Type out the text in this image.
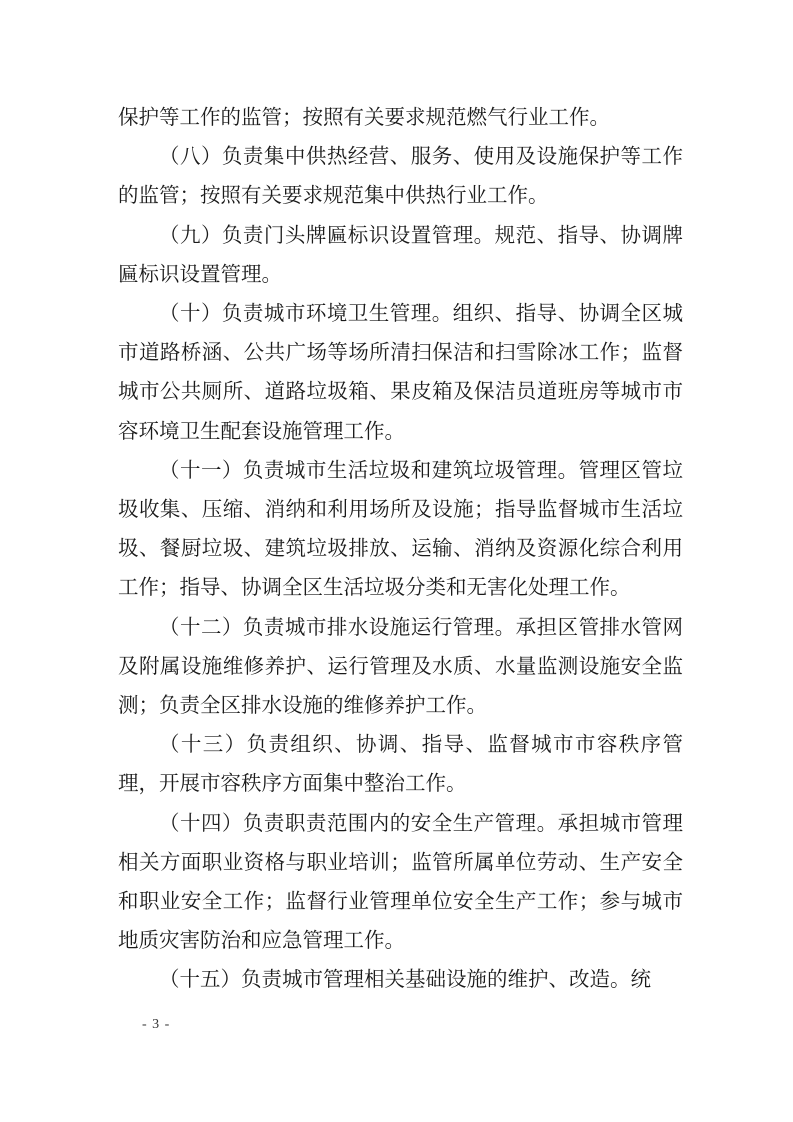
保护等工作的监管；按照有关要求规范燃气行业工作。

（八）负责集中供热经营、服务、使用及设施保护等工作的监管；按照有关要求规范集中供热行业工作。

（九）负责门头牌匾标识设置管理。规范、指导、协调牌匾标识设置管理。

（十）负责城市环境卫生管理。组织、指导、协调全区城市道路桥涵、公共广场等场所清扫保洁和扫雪除冰工作；监督城市公共厕所、道路垃圾箱、果皮箱及保洁员道班房等城市市容环境卫生配套设施管理工作。

（十一）负责城市生活垃圾和建筑垃圾管理。管理区管垃圾收集、压缩、消纳和利用场所及设施；指导监督城市生活垃圾、餐厨垃圾、建筑垃圾排放、运输、消纳及资源化综合利用工作；指导、协调全区生活垃圾分类和无害化处理工作。

（十二）负责城市排水设施运行管理。承担区管排水管网及附属设施维修养护、运行管理及水质、水量监测设施安全监测；负责全区排水设施的维修养护工作。

（十三）负责组织、协调、指导、监督城市市容秩序管理，开展市容秩序方面集中整治工作。

（十四）负责职责范围内的安全生产管理。承担城市管理相关方面职业资格与职业培训；监管所属单位劳动、生产安全和职业安全工作；监督行业管理单位安全生产工作；参与城市地质灾害防治和应急管理工作。

（十五）负责城市管理相关基础设施的维护、改造。统

- 3 -
